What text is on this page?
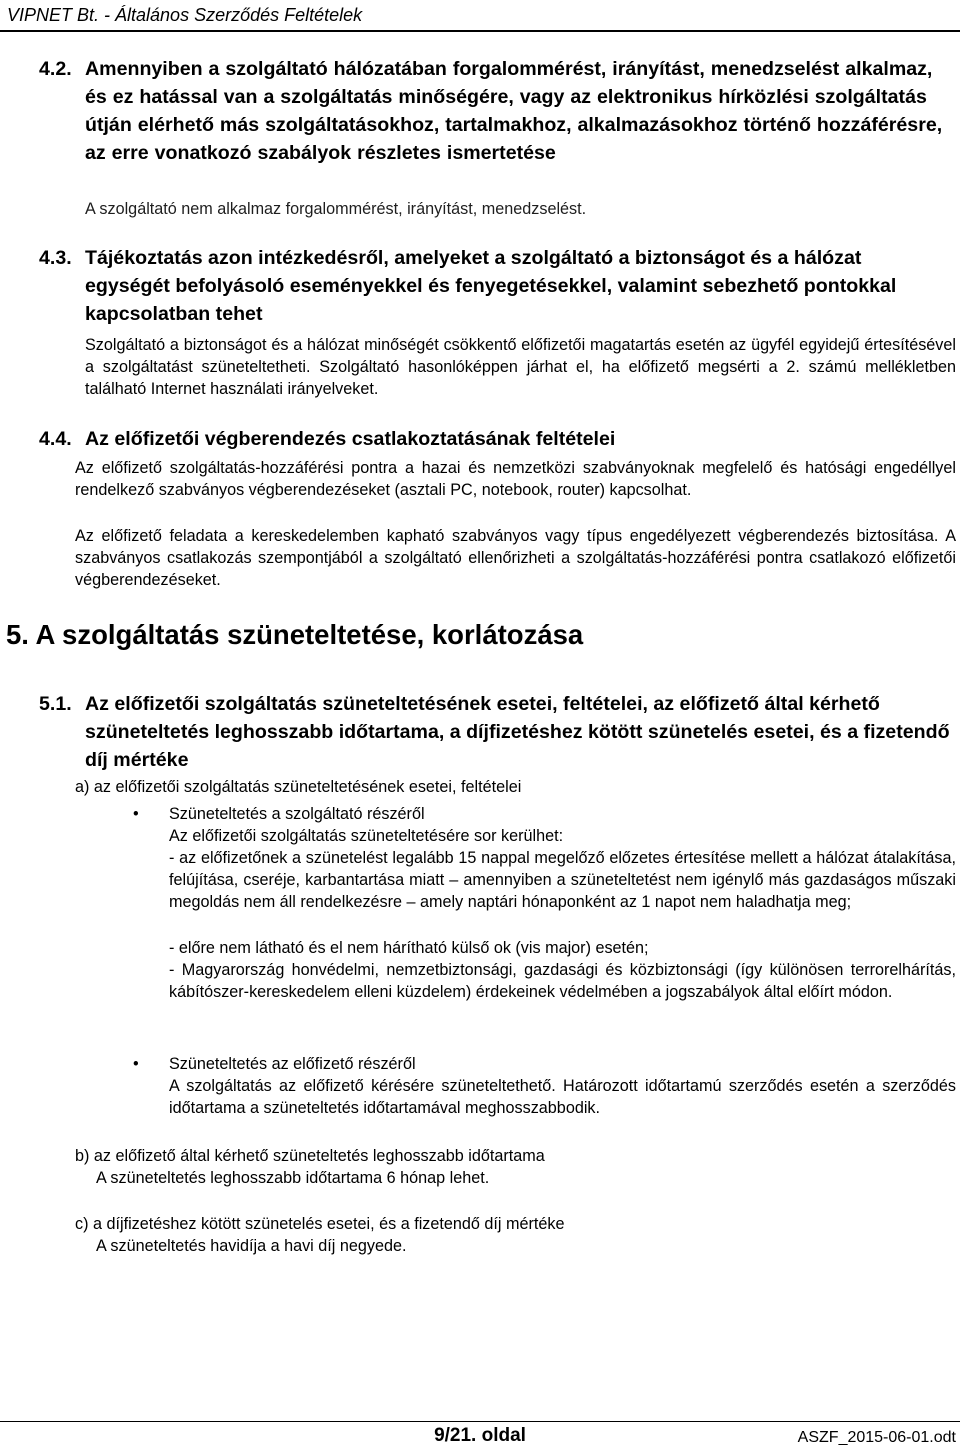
VIPNET Bt. - Általános Szerződés Feltételek
4.2. Amennyiben a szolgáltató hálózatában forgalommérést, irányítást, menedzselést alkalmaz, és ez hatással van a szolgáltatás minőségére, vagy az elektronikus hírközlési szolgáltatás útján elérhető más szolgáltatásokhoz, tartalmakhoz, alkalmazásokhoz történő hozzáférésre, az erre vonatkozó szabályok részletes ismertetése
A szolgáltató nem alkalmaz forgalommérést, irányítást, menedzselést.
4.3. Tájékoztatás azon intézkedésről, amelyeket a szolgáltató a biztonságot és a hálózat egységét befolyásoló eseményekkel és fenyegetésekkel, valamint sebezhető pontokkal kapcsolatban tehet
Szolgáltató a biztonságot és a hálózat minőségét csökkentő előfizetői magatartás esetén az ügyfél egyidejű értesítésével a szolgáltatást szüneteltetheti. Szolgáltató hasonlóképpen járhat el, ha előfizető megsérti a 2. számú mellékletben található Internet használati irányelveket.
4.4. Az előfizetői végberendezés csatlakoztatásának feltételei
Az előfizető szolgáltatás-hozzáférési pontra a hazai és nemzetközi szabványoknak megfelelő és hatósági engedéllyel rendelkező szabványos végberendezéseket (asztali PC, notebook, router) kapcsolhat.
Az előfizető feladata a kereskedelemben kapható szabványos vagy típus engedélyezett végberendezés biztosítása. A szabványos csatlakozás szempontjából a szolgáltató ellenőrizheti a szolgáltatás-hozzáférési pontra csatlakozó előfizetői végberendezéseket.
5. A szolgáltatás szüneteltetése, korlátozása
5.1. Az előfizetői szolgáltatás szüneteltetésének esetei, feltételei, az előfizető által kérhető szüneteltetés leghosszabb időtartama, a díjfizetéshez kötött szünetelés esetei, és a fizetendő díj mértéke
a) az előfizetői szolgáltatás szüneteltetésének esetei, feltételei
• Szüneteltetés a szolgáltató részéről
Az előfizetői szolgáltatás szüneteltetésére sor kerülhet:
- az előfizetőnek a szünetelést legalább 15 nappal megelőző előzetes értesítése mellett a hálózat átalakítása, felújítása, cseréje, karbantartása miatt – amennyiben a szüneteltetést nem igénylő más gazdaságos műszaki megoldás nem áll rendelkezésre – amely naptári hónaponként az 1 napot nem haladhatja meg;
- előre nem látható és el nem hárítható külső ok (vis major) esetén;
- Magyarország honvédelmi, nemzetbiztonsági, gazdasági és közbiztonsági (így különösen terrorelhárítás, kábítószer-kereskedelem elleni küzdelem) érdekeinek védelmében a jogszabályok által előírt módon.
• Szüneteltetés az előfizető részéről
A szolgáltatás az előfizető kérésére szüneteltethető. Határozott időtartamú szerződés esetén a szerződés időtartama a szüneteltetés időtartamával meghosszabbodik.
b) az előfizető által kérhető szüneteltetés leghosszabb időtartama
A szüneteltetés leghosszabb időtartama 6 hónap lehet.
c) a díjfizetéshez kötött szünetelés esetei, és a fizetendő díj mértéke
A szüneteltetés havidíja a havi díj negyede.
9/21. oldal	ASZF_2015-06-01.odt
